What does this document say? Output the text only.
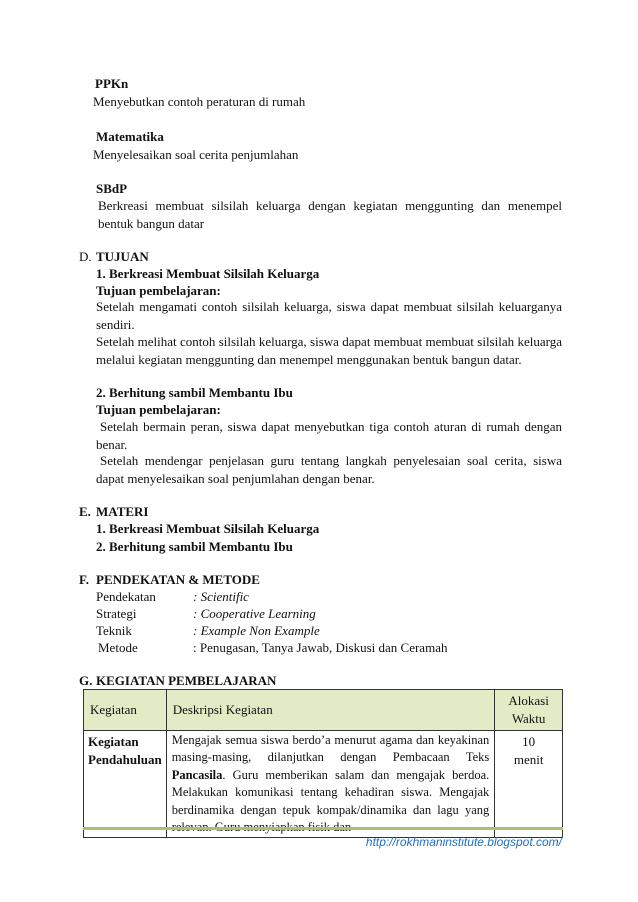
PPKn
Menyebutkan contoh peraturan di rumah
Matematika
Menyelesaikan soal cerita penjumlahan
SBdP
Berkreasi membuat silsilah keluarga dengan kegiatan menggunting dan menempel
bentuk bangun datar
D. TUJUAN
1. Berkreasi Membuat Silsilah Keluarga
Tujuan pembelajaran:
Setelah mengamati contoh silsilah keluarga, siswa dapat membuat silsilah keluarganya sendiri.
Setelah melihat contoh silsilah keluarga, siswa dapat membuat membuat silsilah keluarga melalui kegiatan menggunting dan menempel menggunakan bentuk bangun datar.
2. Berhitung sambil Membantu Ibu
Tujuan pembelajaran:
Setelah bermain peran, siswa dapat menyebutkan tiga contoh aturan di rumah dengan benar.
Setelah mendengar penjelasan guru tentang langkah penyelesaian soal cerita, siswa dapat menyelesaikan soal penjumlahan dengan benar.
E. MATERI
1. Berkreasi Membuat Silsilah Keluarga
2. Berhitung sambil Membantu Ibu
F. PENDEKATAN & METODE
Pendekatan	: Scientific
Strategi	: Cooperative Learning
Teknik	: Example Non Example
Metode	: Penugasan, Tanya Jawab, Diskusi dan Ceramah
G. KEGIATAN PEMBELAJARAN
Kegiatan	Deskripsi Kegiatan	Alokasi Waktu
Kegiatan Pendahuluan	Mengajak semua siswa berdo’a menurut agama dan keyakinan masing-masing, dilanjutkan dengan Pembacaan Teks Pancasila. Guru memberikan salam dan mengajak berdoa. Melakukan komunikasi tentang kehadiran siswa. Mengajak berdinamika dengan tepuk kompak/dinamika dan lagu yang	10
menit
http://rokhmaninstitute.blogspot.com/
